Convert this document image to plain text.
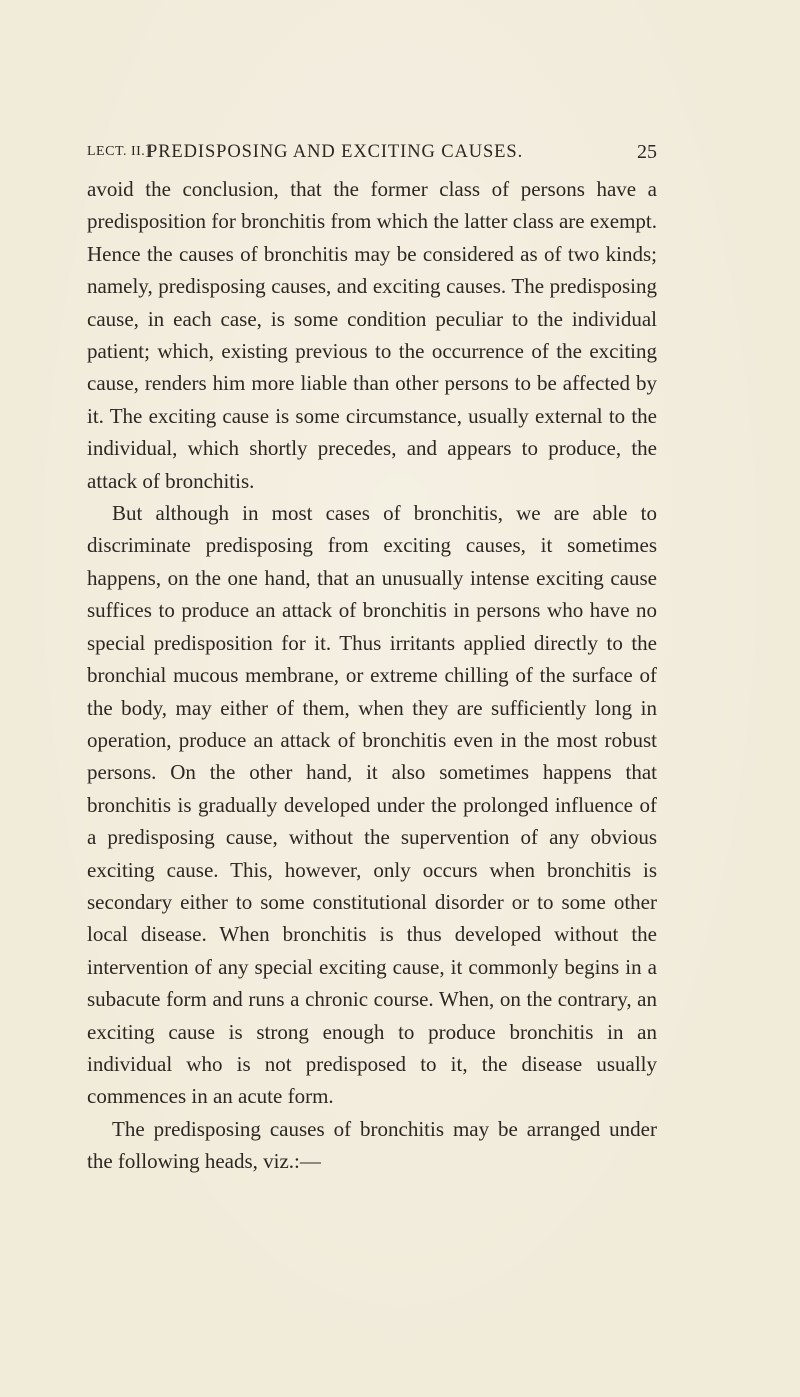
LECT. II.]
PREDISPOSING AND EXCITING CAUSES.	25

avoid the conclusion, that the former class of persons have a predisposition for bronchitis from which the latter class are exempt. Hence the causes of bronchitis may be considered as of two kinds; namely, predisposing causes, and exciting causes. The predisposing cause, in each case, is some condition peculiar to the individual patient; which, existing previous to the occurrence of the exciting cause, renders him more liable than other persons to be affected by it. The exciting cause is some circumstance, usually external to the individual, which shortly precedes, and appears to produce, the attack of bronchitis.

But although in most cases of bronchitis, we are able to discriminate predisposing from exciting causes, it sometimes happens, on the one hand, that an unusually intense exciting cause suffices to produce an attack of bronchitis in persons who have no special predisposition for it. Thus irritants applied directly to the bronchial mucous membrane, or extreme chilling of the surface of the body, may either of them, when they are sufficiently long in operation, produce an attack of bronchitis even in the most robust persons. On the other hand, it also sometimes happens that bronchitis is gradually developed under the prolonged influence of a predisposing cause, without the supervention of any obvious exciting cause. This, however, only occurs when bronchitis is secondary either to some constitutional disorder or to some other local disease. When bronchitis is thus developed without the intervention of any special exciting cause, it commonly begins in a subacute form and runs a chronic course. When, on the contrary, an exciting cause is strong enough to produce bronchitis in an individual who is not predisposed to it, the disease usually commences in an acute form.

The predisposing causes of bronchitis may be arranged under the following heads, viz.:—
